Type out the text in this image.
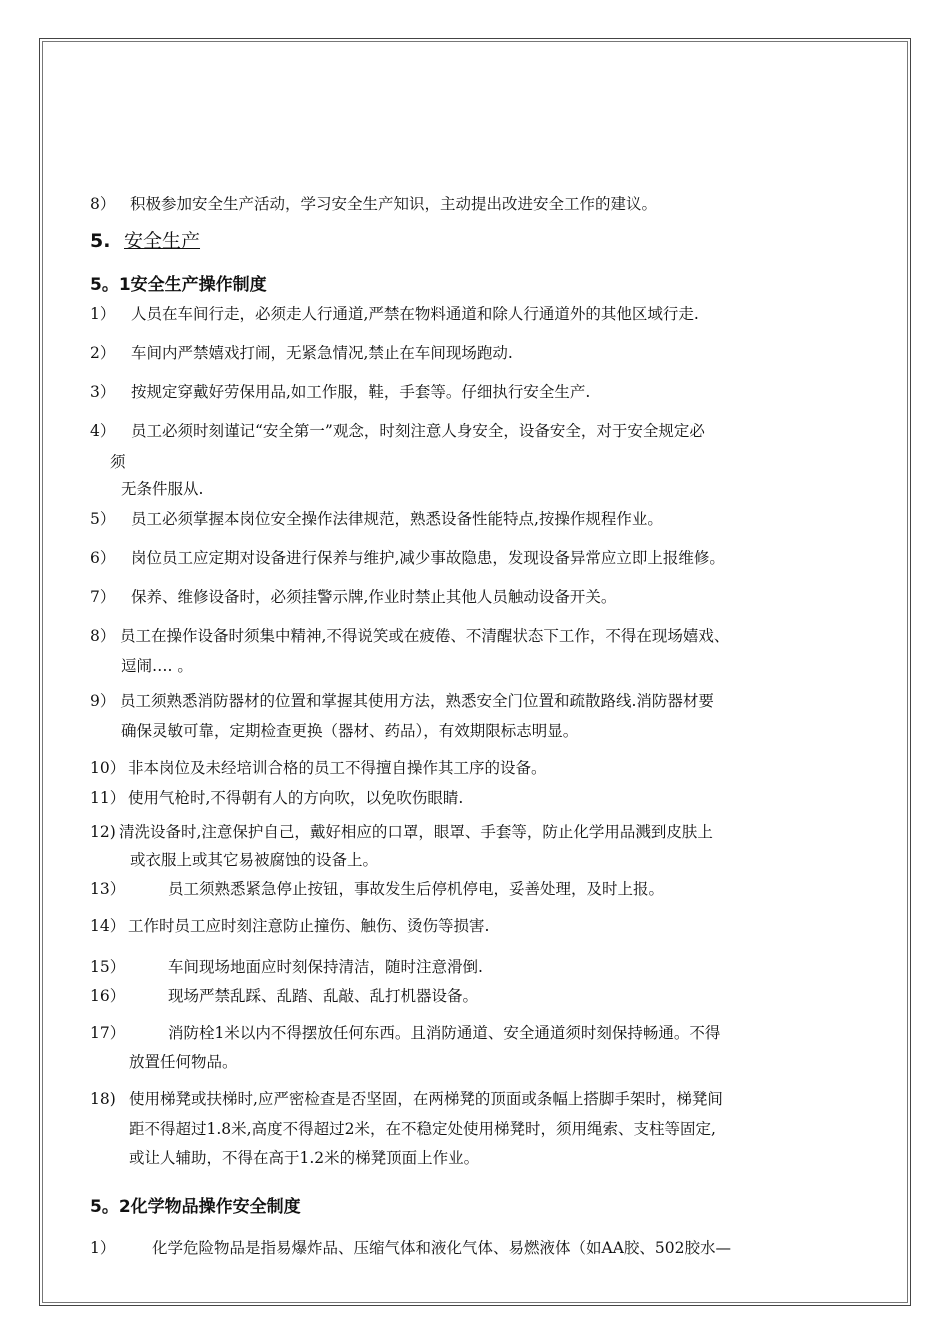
8） 积极参加安全生产活动，学习安全生产知识，主动提出改进安全工作的建议。
5. 安全生产
5。1安全生产操作制度
1） 人员在车间行走，必须走人行通道,严禁在物料通道和除人行通道外的其他区域行走.
2） 车间内严禁嬉戏打闹，无紧急情况,禁止在车间现场跑动.
3） 按规定穿戴好劳保用品,如工作服，鞋，手套等。仔细执行安全生产.
4） 员工必须时刻谨记“安全第一”观念，时刻注意人身安全，设备安全，对于安全规定必
须
无条件服从.
5） 员工必须掌握本岗位安全操作法律规范，熟悉设备性能特点,按操作规程作业。
6） 岗位员工应定期对设备进行保养与维护,减少事故隐患，发现设备异常应立即上报维修。
7） 保养、维修设备时，必须挂警示牌,作业时禁止其他人员触动设备开关。
8） 员工在操作设备时须集中精神,不得说笑或在疲倦、不清醒状态下工作，不得在现场嬉戏、
逗闹…. 。
9） 员工须熟悉消防器材的位置和掌握其使用方法，熟悉安全门位置和疏散路线.消防器材要
确保灵敏可靠，定期检查更换（器材、药品），有效期限标志明显。
10） 非本岗位及未经培训合格的员工不得擅自操作其工序的设备。
11） 使用气枪时,不得朝有人的方向吹，以免吹伤眼睛.
12) 清洗设备时,注意保护自己，戴好相应的口罩，眼罩、手套等，防止化学用品溅到皮肤上
或衣服上或其它易被腐蚀的设备上。
13）	员工须熟悉紧急停止按钮，事故发生后停机停电，妥善处理，及时上报。
14） 工作时员工应时刻注意防止撞伤、触伤、烫伤等损害.
15）	车间现场地面应时刻保持清洁，随时注意滑倒.
16）	现场严禁乱踩、乱踏、乱敲、乱打机器设备。
17）	消防栓1米以内不得摆放任何东西。且消防通道、安全通道须时刻保持畅通。不得
放置任何物品。
18) 使用梯凳或扶梯时,应严密检查是否坚固，在两梯凳的顶面或条幅上搭脚手架时，梯凳间
距不得超过1.8米,高度不得超过2米，在不稳定处使用梯凳时，须用绳索、支柱等固定,
或让人辅助，不得在高于1.2米的梯凳顶面上作业。
5。2化学物品操作安全制度
1） 化学危险物品是指易爆炸品、压缩气体和液化气体、易燃液体（如AA胶、502胶水—
